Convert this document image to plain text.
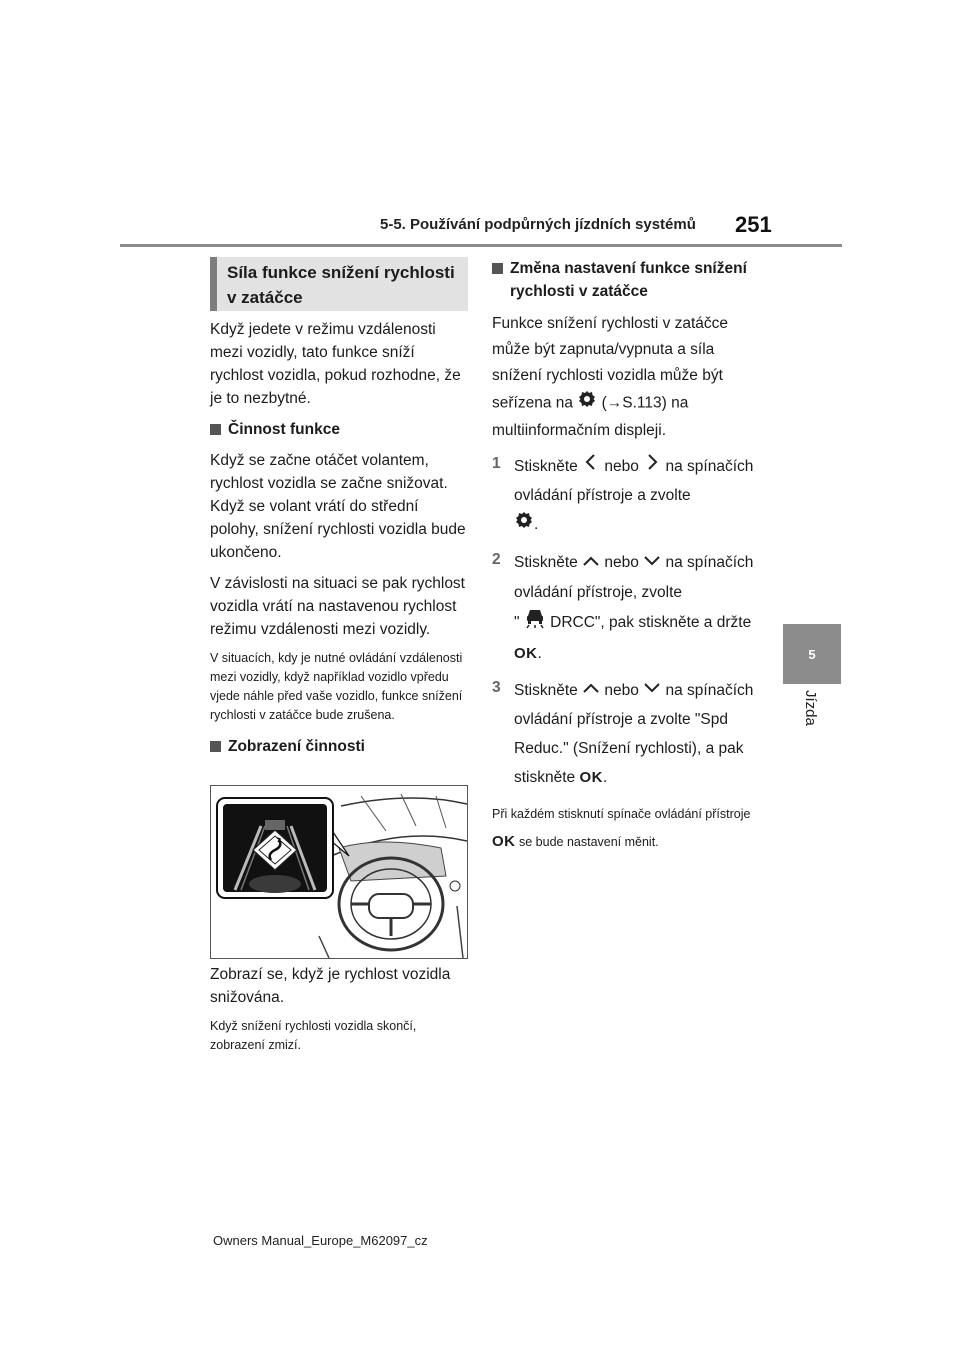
5-5. Používání podpůrných jízdních systémů 251
5
Jízda
Síla funkce snížení rychlosti
v zatáčce

Když jedete v režimu vzdálenosti mezi vozidly, tato funkce sníží rychlost vozidla, pokud rozhodne, že je to nezbytné.

Činnost funkce

Když se začne otáčet volantem, rychlost vozidla se začne snižovat. Když se volant vrátí do střední polohy, snížení rychlosti vozidla bude ukončeno.

V závislosti na situaci se pak rychlost vozidla vrátí na nastavenou rychlost režimu vzdálenosti mezi vozidly.

V situacích, kdy je nutné ovládání vzdálenosti mezi vozidly, když například vozidlo vpředu vjede náhle před vaše vozidlo, funkce snížení rychlosti v zatáčce bude zrušena.

Zobrazení činnosti

Zobrazí se, když je rychlost vozidla snižována.

Když snížení rychlosti vozidla skončí, zobrazení zmizí.

Změna nastavení funkce snížení rychlosti v zatáčce

Funkce snížení rychlosti v zatáčce může být zapnuta/vypnuta a síla snížení rychlosti vozidla může být seřízena na (→S.113) na multiinformačním displeji.

1 Stiskněte nebo na spínačích ovládání přístroje a zvolte
.
2 Stiskněte nebo na spínačích ovládání přístroje, zvolte
" DRCC", pak stiskněte a držte OK.
3 Stiskněte nebo na spínačích ovládání přístroje a zvolte "Spd Reduc." (Snížení rychlosti), a pak stiskněte OK.

Při každém stisknutí spínače ovládání přístroje OK se bude nastavení měnit.

Owners Manual_Europe_M62097_cz
